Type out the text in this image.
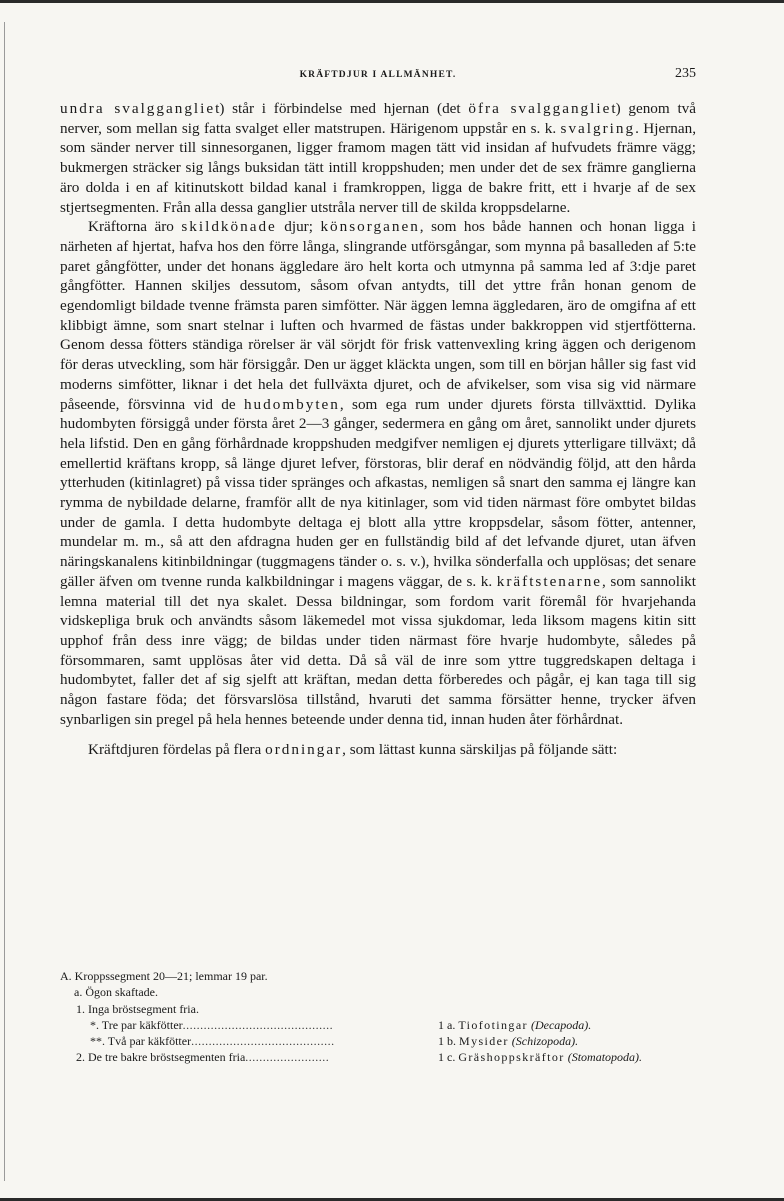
KRÄFTDJUR I ALLMÄNHET.	235

undra svalggangliet) står i förbindelse med hjernan (det öfra svalggangliet) genom två nerver, som mellan sig fatta svalget eller matstrupen. Härigenom uppstår en s. k. svalgring. Hjernan, som sänder nerver till sinnesorganen, ligger framom magen tätt vid insidan af hufvudets främre vägg; bukmergen sträcker sig långs buksidan tätt intill kroppshuden; men under det de sex främre ganglierna äro dolda i en af kitinutskott bildad kanal i framkroppen, ligga de bakre fritt, ett i hvarje af de sex stjertsegmenten. Från alla dessa ganglier utstråla nerver till de skilda kroppsdelarne.

Kräftorna äro skildkönade djur; könsorganen, som hos både hannen och honan ligga i närheten af hjertat, hafva hos den förre långa, slingrande utförsgångar, som mynna på basalleden af 5:te paret gångfötter, under det honans äggledare äro helt korta och utmynna på samma led af 3:dje paret gångfötter. Hannen skiljes dessutom, såsom ofvan antydts, till det yttre från honan genom de egendomligt bildade tvenne främsta paren simfötter. När äggen lemna äggledaren, äro de omgifna af ett klibbigt ämne, som snart stelnar i luften och hvarmed de fästas under bakkroppen vid stjertfötterna. Genom dessa fötters ständiga rörelser är väl sörjdt för frisk vattenvexling kring äggen och derigenom för deras utveckling, som här försiggår. Den ur ägget kläckta ungen, som till en början håller sig fast vid moderns simfötter, liknar i det hela det fullväxta djuret, och de afvikelser, som visa sig vid närmare påseende, försvinna vid de hudombyten, som ega rum under djurets första tillväxttid. Dylika hudombyten försiggå under första året 2—3 gånger, sedermera en gång om året, sannolikt under djurets hela lifstid. Den en gång förhårdnade kroppshuden medgifver nemligen ej djurets ytterligare tillväxt; då emellertid kräftans kropp, så länge djuret lefver, förstoras, blir deraf en nödvändig följd, att den hårda ytterhuden (kitinlagret) på vissa tider spränges och afkastas, nemligen så snart den samma ej längre kan rymma de nybildade delarne, framför allt de nya kitinlager, som vid tiden närmast före ombytet bildas under de gamla. I detta hudombyte deltaga ej blott alla yttre kroppsdelar, såsom fötter, antenner, mundelar m. m., så att den afdragna huden ger en fullständig bild af det lefvande djuret, utan äfven näringskanalens kitinbildningar (tuggmagens tänder o. s. v.), hvilka sönderfalla och upplösas; det senare gäller äfven om tvenne runda kalkbildningar i magens väggar, de s. k. kräftstenarne, som sannolikt lemna material till det nya skalet. Dessa bildningar, som fordom varit föremål för hvarjehanda vidskepliga bruk och användts såsom läkemedel mot vissa sjukdomar, leda liksom magens kitin sitt upphof från dess inre vägg; de bildas under tiden närmast före hvarje hudombyte, således på försommaren, samt upplösas åter vid detta. Då så väl de inre som yttre tuggredskapen deltaga i hudombytet, faller det af sig sjelft att kräftan, medan detta förberedes och pågår, ej kan taga till sig någon fastare föda; det försvarslösa tillstånd, hvaruti det samma försätter henne, trycker äfven synbarligen sin pregel på hela hennes beteende under denna tid, innan huden åter förhårdnat.

Kräftdjuren fördelas på flera ordningar, som lättast kunna särskiljas på följande sätt:

A. Kroppssegment 20—21; lemmar 19 par.
a. Ögon skaftade.
1. Inga bröstsegment fria.
*. Tre par käkfötter...........................................	1 a. Tiofotingar (Decapoda).
**. Två par käkfötter.........................................	1 b. Mysider (Schizopoda).
2. De tre bakre bröstsegmenten fria........................	1 c. Gräshoppskräftor (Stomatopoda).
